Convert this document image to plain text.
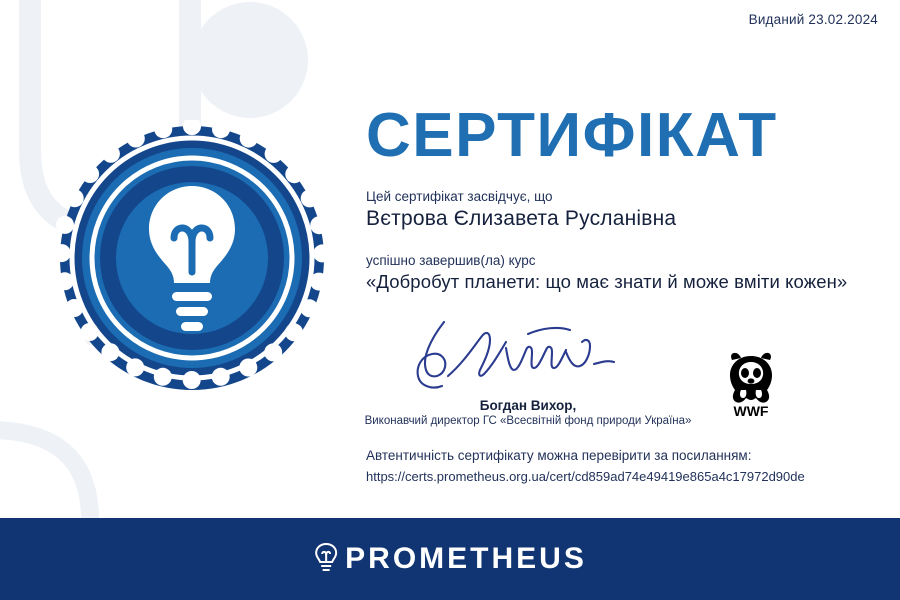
Виданий 23.02.2024
СЕРТИФІКАТ

Цей сертифікат засвідчує, що

Вєтрова Єлизавета Русланівна

успішно завершив(ла) курс

«Добробут планети: що має знати й може вміти кожен»

Богдан Вихор,

Виконавчий директор ГС «Всесвітній фонд природи Україна»

WWF

Автентичність сертифікату можна перевірити за посиланням:

https://certs.prometheus.org.ua/cert/cd859ad74e49419e865a4c17972d90de

PROMETHEUS
